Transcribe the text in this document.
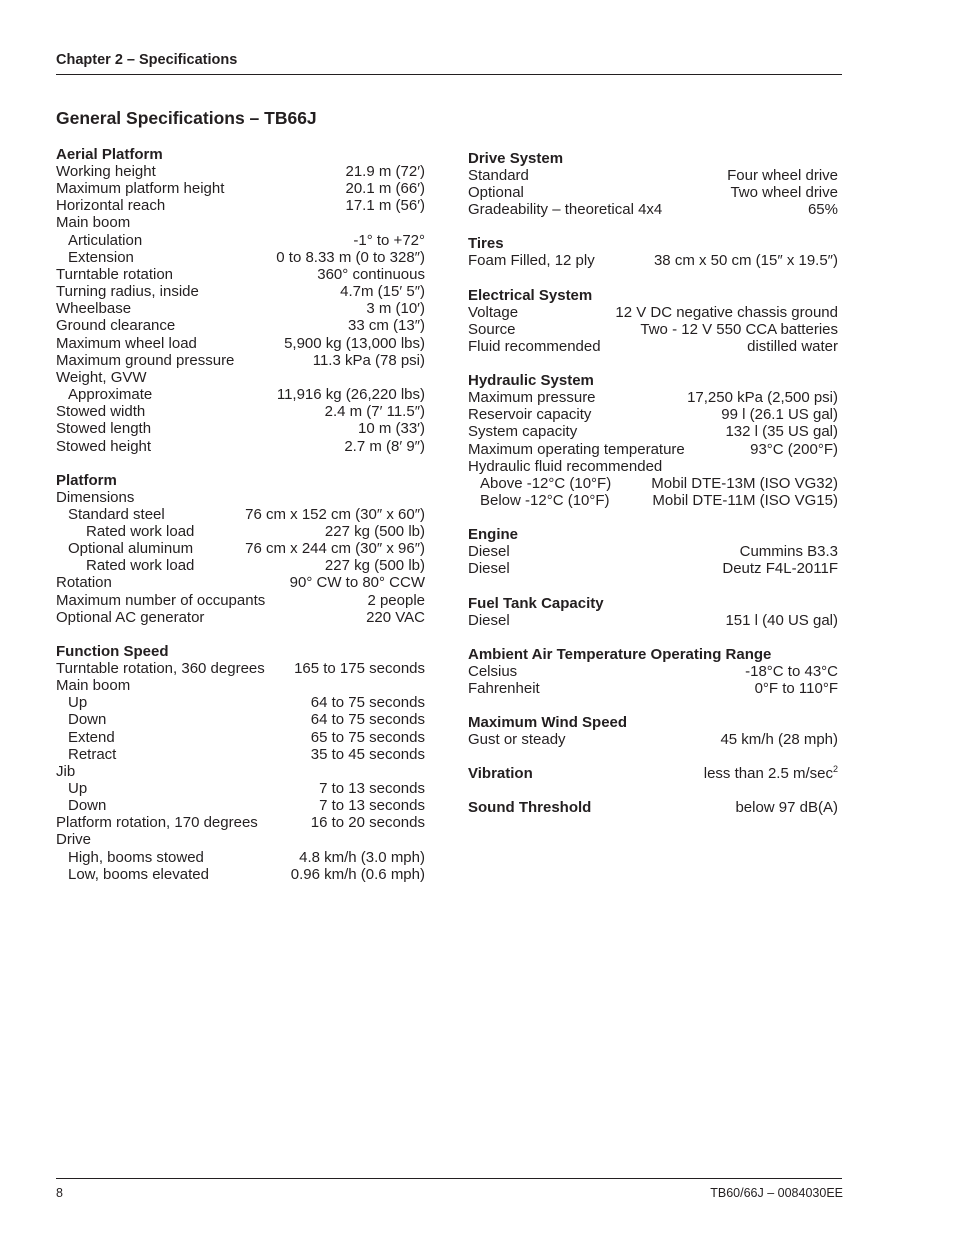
Chapter 2 – Specifications
General Specifications – TB66J
Aerial Platform
Working height	21.9 m (72′)
Maximum platform height	20.1 m (66′)
Horizontal reach	17.1 m (56′)
Main boom
Articulation	-1° to +72°
Extension	0 to 8.33 m (0 to 328″)
Turntable rotation	360° continuous
Turning radius, inside	4.7m (15′ 5″)
Wheelbase	3 m (10′)
Ground clearance	33 cm (13″)
Maximum wheel load	5,900 kg (13,000 lbs)
Maximum ground pressure	11.3 kPa (78 psi)
Weight, GVW
Approximate	11,916 kg (26,220 lbs)
Stowed width	2.4 m (7′ 11.5″)
Stowed length	10 m (33′)
Stowed height	2.7 m (8′ 9″)
Platform
Dimensions
Standard steel	76 cm x 152 cm (30″ x 60″)
Rated work load	227 kg (500 lb)
Optional aluminum	76 cm x 244 cm (30″ x 96″)
Rated work load	227 kg (500 lb)
Rotation	90° CW to 80° CCW
Maximum number of occupants	2 people
Optional AC generator	220 VAC
Function Speed
Turntable rotation, 360 degrees 165 to 175 seconds
Main boom
Up	64 to 75 seconds
Down	64 to 75 seconds
Extend	65 to 75 seconds
Retract	35 to 45 seconds
Jib
Up	7 to 13 seconds
Down	7 to 13 seconds
Platform rotation, 170 degrees	16 to 20 seconds
Drive
High, booms stowed	4.8 km/h (3.0 mph)
Low, booms elevated	0.96 km/h (0.6 mph)
Drive System
Standard	Four wheel drive
Optional	Two wheel drive
Gradeability – theoretical 4x4	65%
Tires
Foam Filled, 12 ply	38 cm x 50 cm (15″ x 19.5″)
Electrical System
Voltage	12 V DC negative chassis ground
Source	Two - 12 V 550 CCA batteries
Fluid recommended	distilled water
Hydraulic System
Maximum pressure	17,250 kPa (2,500 psi)
Reservoir capacity	99 l (26.1 US gal)
System capacity	132 l (35 US gal)
Maximum operating temperature	93°C (200°F)
Hydraulic fluid recommended
Above -12°C (10°F)	Mobil DTE-13M (ISO VG32)
Below -12°C (10°F)	Mobil DTE-11M (ISO VG15)
Engine
Diesel	Cummins B3.3
Diesel	Deutz F4L-2011F
Fuel Tank Capacity
Diesel	151 l (40 US gal)
Ambient Air Temperature Operating Range
Celsius	-18°C to 43°C
Fahrenheit	0°F to 110°F
Maximum Wind Speed
Gust or steady	45 km/h (28 mph)
Vibration	less than 2.5 $m/\sec^2$
Sound Threshold	below 97 dB(A)
8	TB60/66J – 0084030EE
